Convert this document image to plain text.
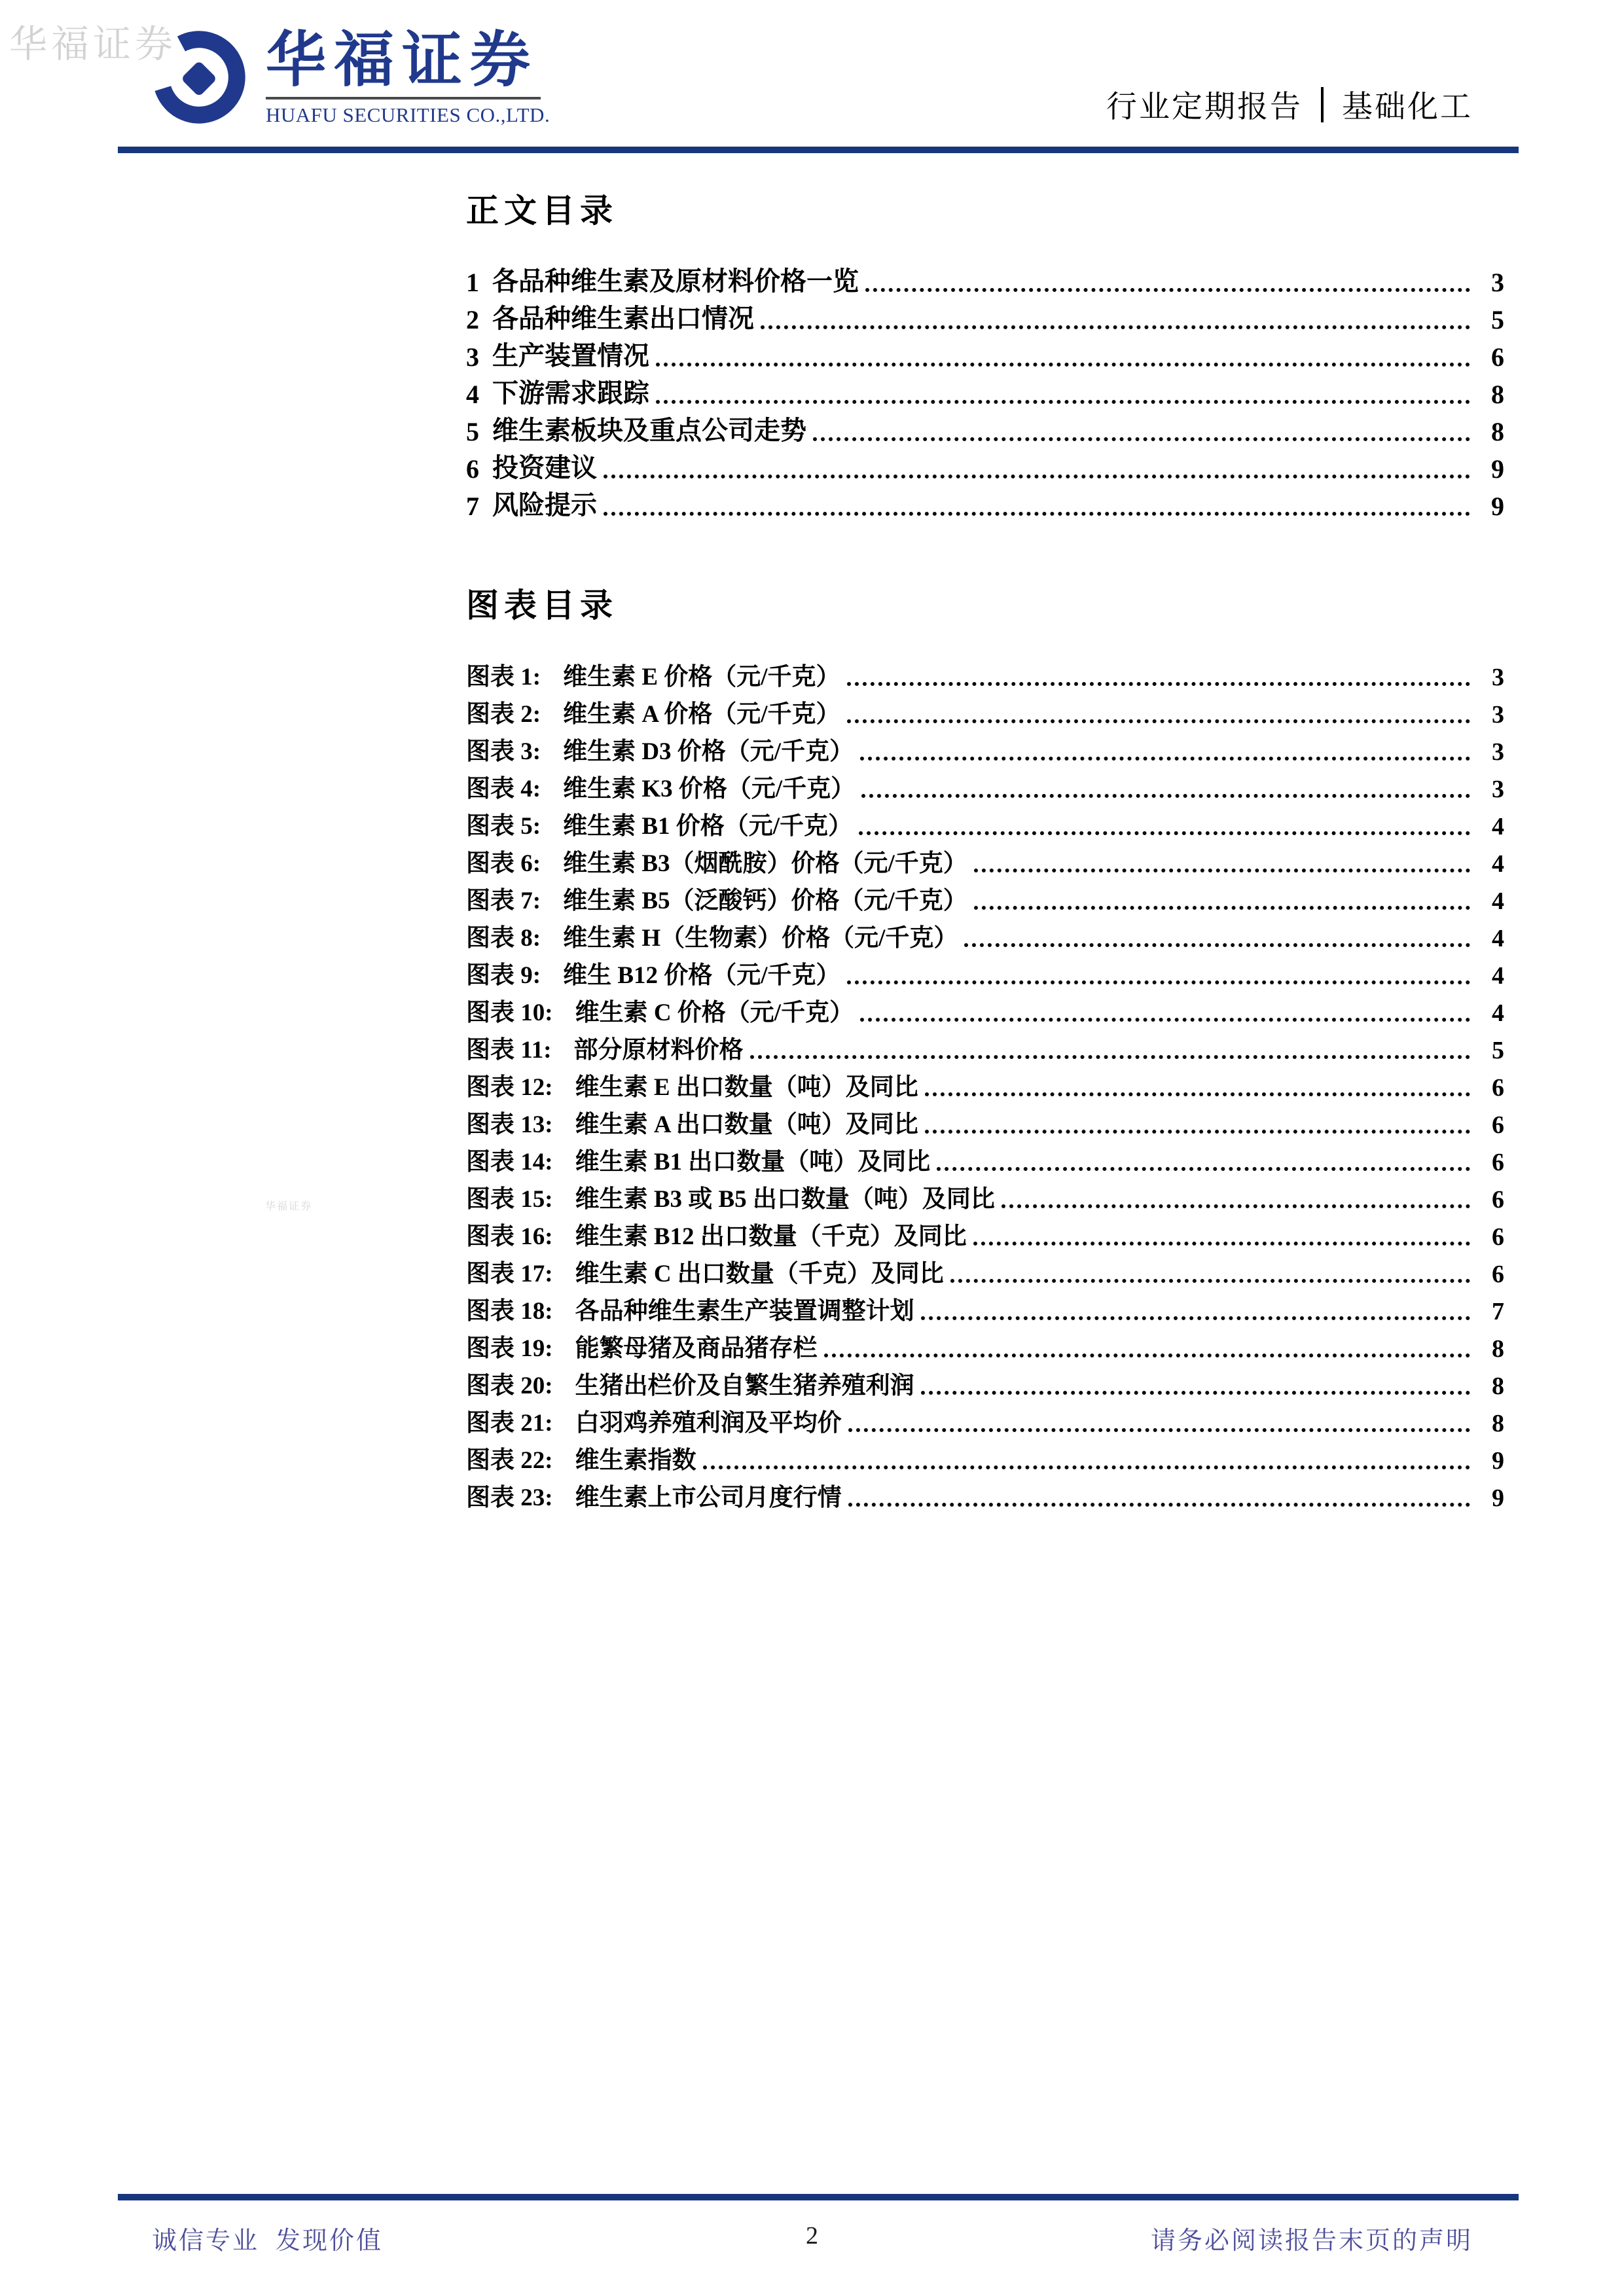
华福证券
华福证券
华福证券
HUAFU SECURITIES CO.,LTD.	行业定期报告 基础化工
正文目录
1 各品种维生素及原材料价格一览	3
2 各品种维生素出口情况	5
3 生产装置情况	6
4 下游需求跟踪	8
5 维生素板块及重点公司走势	8
6 投资建议	9
7 风险提示	9
图表目录
图表 1: 维生素 E 价格（元/千克）	3
图表 2: 维生素 A 价格（元/千克）	3
图表 3: 维生素 D3 价格（元/千克）	3
图表 4: 维生素 K3 价格（元/千克）	3
图表 5: 维生素 B1 价格（元/千克）	4
图表 6: 维生素 B3（烟酰胺）价格（元/千克）	4
图表 7: 维生素 B5（泛酸钙）价格（元/千克）	4
图表 8: 维生素 H（生物素）价格（元/千克）	4
图表 9: 维生 B12 价格（元/千克）	4
图表 10: 维生素 C 价格（元/千克）	4
图表 11: 部分原材料价格	5
图表 12: 维生素 E 出口数量（吨）及同比	6
图表 13: 维生素 A 出口数量（吨）及同比	6
图表 14: 维生素 B1 出口数量（吨）及同比	6
图表 15: 维生素 B3 或 B5 出口数量（吨）及同比	6
图表 16: 维生素 B12 出口数量（千克）及同比	6
图表 17: 维生素 C 出口数量（千克）及同比	6
图表 18: 各品种维生素生产装置调整计划	7
图表 19: 能繁母猪及商品猪存栏	8
图表 20: 生猪出栏价及自繁生猪养殖利润	8
图表 21: 白羽鸡养殖利润及平均价	8
图表 22: 维生素指数	9
图表 23: 维生素上市公司月度行情	9
诚信专业  发现价值	2	请务必阅读报告末页的声明
